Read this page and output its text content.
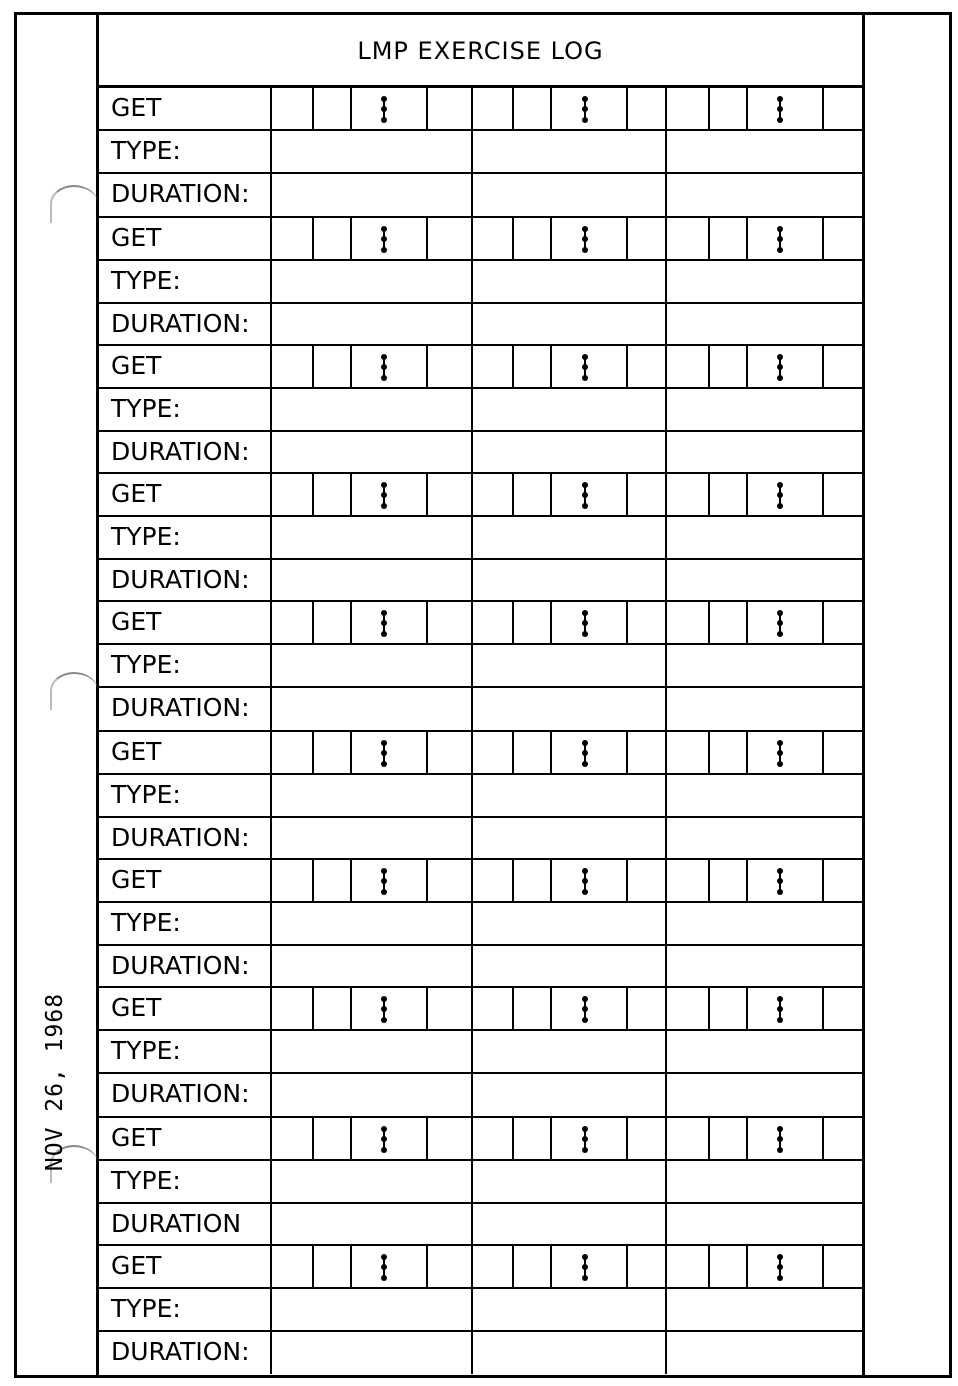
LMP EXERCISE LOG
NOV 26, 1968
GET
TYPE:
DURATION:
GET
TYPE:
DURATION:
GET
TYPE:
DURATION:
GET
TYPE:
DURATION:
GET
TYPE:
DURATION:
GET
TYPE:
DURATION:
GET
TYPE:
DURATION:
GET
TYPE:
DURATION:
GET
TYPE:
DURATION
GET
TYPE:
DURATION:
